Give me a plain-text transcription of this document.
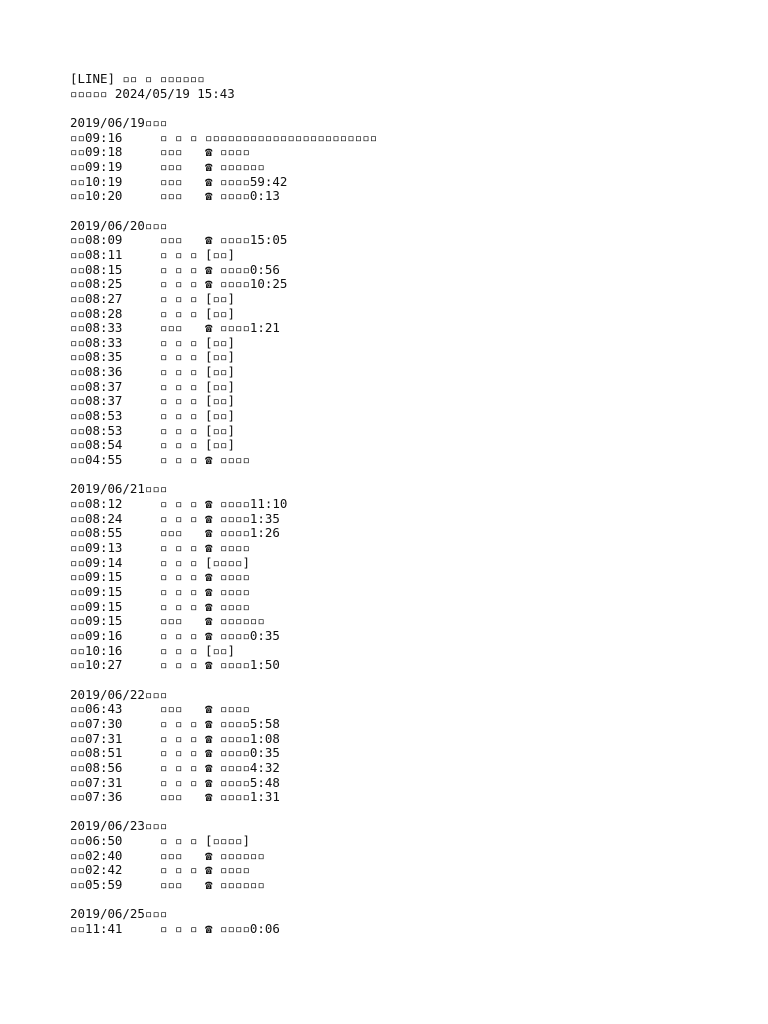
[LINE] ▫▫ ▫ ▫▫▫▫▫▫
▫▫▫▫▫ 2024/05/19 15:43
2019/06/19▫▫▫
▫▫09:16	▫ ▫ ▫ ▫▫▫▫▫▫▫▫▫▫▫▫▫▫▫▫▫▫▫▫▫▫▫
▫▫09:18	▫▫▫ ☎ ▫▫▫▫
▫▫09:19	▫▫▫ ☎ ▫▫▫▫▫▫
▫▫10:19	▫▫▫ ☎ ▫▫▫▫59:42
▫▫10:20	▫▫▫ ☎ ▫▫▫▫0:13
2019/06/20▫▫▫
▫▫08:09	▫▫▫ ☎ ▫▫▫▫15:05
▫▫08:11	▫ ▫ ▫ [▫▫]
▫▫08:15	▫ ▫ ▫ ☎ ▫▫▫▫0:56
▫▫08:25	▫ ▫ ▫ ☎ ▫▫▫▫10:25
▫▫08:27	▫ ▫ ▫ [▫▫]
▫▫08:28	▫ ▫ ▫ [▫▫]
▫▫08:33	▫▫▫ ☎ ▫▫▫▫1:21
▫▫08:33	▫ ▫ ▫ [▫▫]
▫▫08:35	▫ ▫ ▫ [▫▫]
▫▫08:36	▫ ▫ ▫ [▫▫]
▫▫08:37	▫ ▫ ▫ [▫▫]
▫▫08:37	▫ ▫ ▫ [▫▫]
▫▫08:53	▫ ▫ ▫ [▫▫]
▫▫08:53	▫ ▫ ▫ [▫▫]
▫▫08:54	▫ ▫ ▫ [▫▫]
▫▫04:55	▫ ▫ ▫ ☎ ▫▫▫▫
2019/06/21▫▫▫
▫▫08:12	▫ ▫ ▫ ☎ ▫▫▫▫11:10
▫▫08:24	▫ ▫ ▫ ☎ ▫▫▫▫1:35
▫▫08:55	▫▫▫ ☎ ▫▫▫▫1:26
▫▫09:13	▫ ▫ ▫ ☎ ▫▫▫▫
▫▫09:14	▫ ▫ ▫ [▫▫▫▫]
▫▫09:15	▫ ▫ ▫ ☎ ▫▫▫▫
▫▫09:15	▫ ▫ ▫ ☎ ▫▫▫▫
▫▫09:15	▫ ▫ ▫ ☎ ▫▫▫▫
▫▫09:15	▫▫▫ ☎ ▫▫▫▫▫▫
▫▫09:16	▫ ▫ ▫ ☎ ▫▫▫▫0:35
▫▫10:16	▫ ▫ ▫ [▫▫]
▫▫10:27	▫ ▫ ▫ ☎ ▫▫▫▫1:50
2019/06/22▫▫▫
▫▫06:43	▫▫▫ ☎ ▫▫▫▫
▫▫07:30	▫ ▫ ▫ ☎ ▫▫▫▫5:58
▫▫07:31	▫ ▫ ▫ ☎ ▫▫▫▫1:08
▫▫08:51	▫ ▫ ▫ ☎ ▫▫▫▫0:35
▫▫08:56	▫ ▫ ▫ ☎ ▫▫▫▫4:32
▫▫07:31	▫ ▫ ▫ ☎ ▫▫▫▫5:48
▫▫07:36	▫▫▫ ☎ ▫▫▫▫1:31
2019/06/23▫▫▫
▫▫06:50	▫ ▫ ▫ [▫▫▫▫]
▫▫02:40	▫▫▫ ☎ ▫▫▫▫▫▫
▫▫02:42	▫ ▫ ▫ ☎ ▫▫▫▫
▫▫05:59	▫▫▫ ☎ ▫▫▫▫▫▫
2019/06/25▫▫▫
▫▫11:41	▫ ▫ ▫ ☎ ▫▫▫▫0:06
